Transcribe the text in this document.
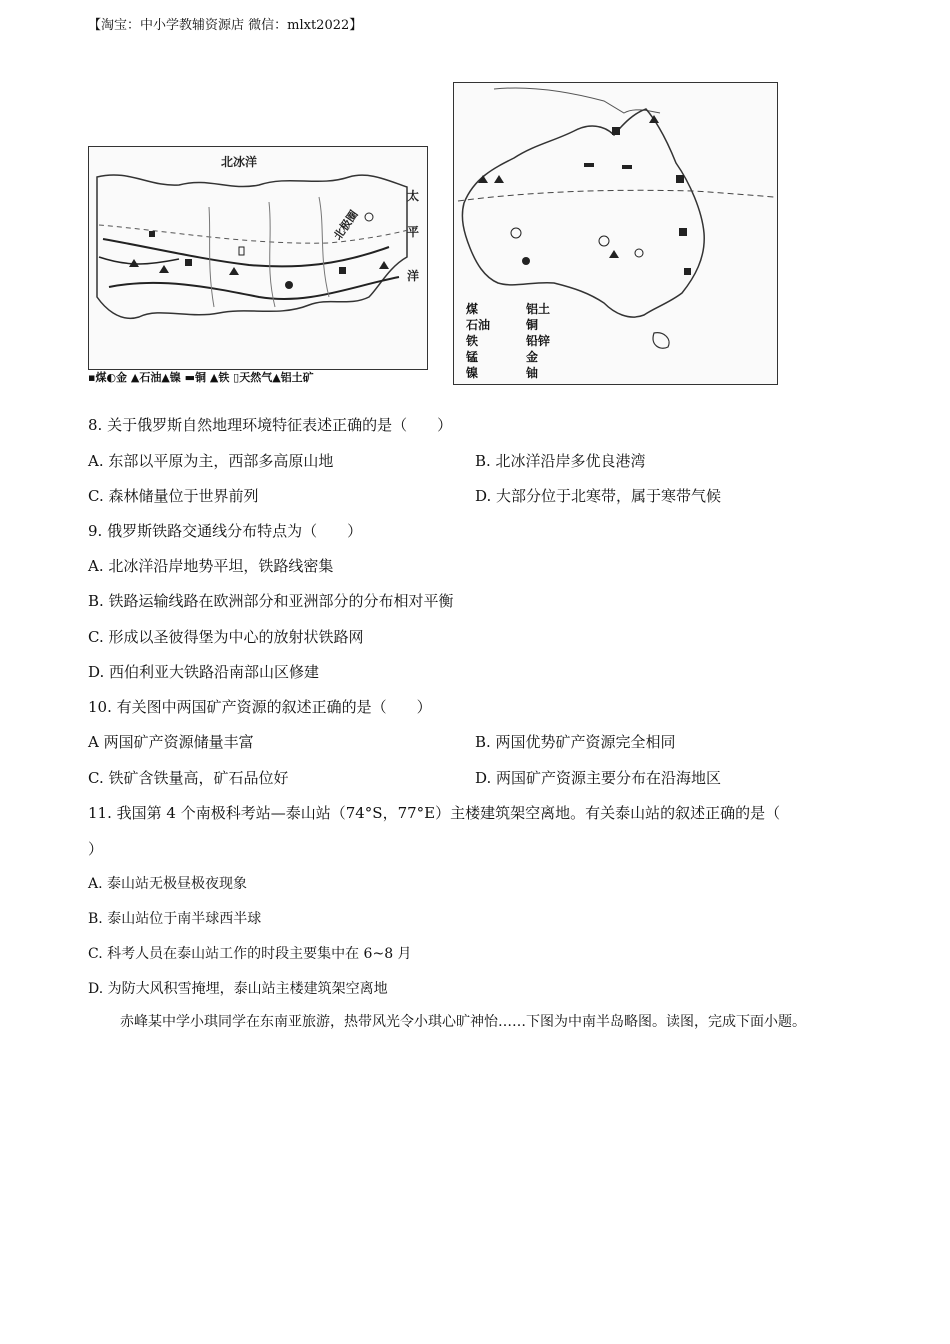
【淘宝：中小学教辅资源店 微信：mlxt2022】
北冰洋
太
平
洋
北极圈
▪煤◐金 ▲石油▲镍 ▬铜 ▲铁 ▯天然气▲铝土矿
煤	铝土
石油	铜
铁	铅锌
锰	金
镍	铀
8. 关于俄罗斯自然地理环境特征表述正确的是（　　）
A. 东部以平原为主，西部多高原山地	B. 北冰洋沿岸多优良港湾
C. 森林储量位于世界前列	D. 大部分位于北寒带，属于寒带气候
9. 俄罗斯铁路交通线分布特点为（　　）
A. 北冰洋沿岸地势平坦，铁路线密集
B. 铁路运输线路在欧洲部分和亚洲部分的分布相对平衡
C. 形成以圣彼得堡为中心的放射状铁路网
D. 西伯利亚大铁路沿南部山区修建
10. 有关图中两国矿产资源的叙述正确的是（　　）
A 两国矿产资源储量丰富	B. 两国优势矿产资源完全相同
C. 铁矿含铁量高，矿石品位好	D. 两国矿产资源主要分布在沿海地区
11. 我国第 4 个南极科考站—泰山站（74°S，77°E）主楼建筑架空离地。有关泰山站的叙述正确的是（
）
A. 泰山站无极昼极夜现象
B. 泰山站位于南半球西半球
C. 科考人员在泰山站工作的时段主要集中在 6~8 月
D. 为防大风积雪掩埋，泰山站主楼建筑架空离地
赤峰某中学小琪同学在东南亚旅游，热带风光令小琪心旷神怡……下图为中南半岛略图。读图，完成下面小题。
